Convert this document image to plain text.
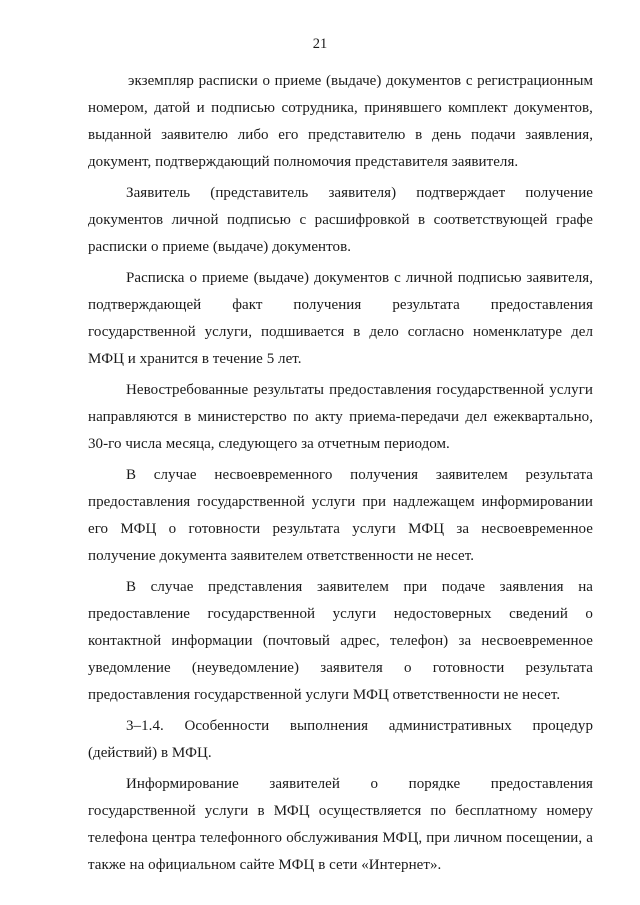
21

экземпляр расписки о приеме (выдаче) документов с регистрационным номером, датой и подписью сотрудника, принявшего комплект документов, выданной заявителю либо его представителю в день подачи заявления, документ, подтверждающий полномочия представителя заявителя.

Заявитель (представитель заявителя) подтверждает получение документов личной подписью с расшифровкой в соответствующей графе расписки о приеме (выдаче) документов.

Расписка о приеме (выдаче) документов с личной подписью заявителя, подтверждающей факт получения результата предоставления государственной услуги, подшивается в дело согласно номенклатуре дел МФЦ и хранится в течение 5 лет.

Невостребованные результаты предоставления государственной услуги направляются в министерство по акту приема-передачи дел ежеквартально, 30-го числа месяца, следующего за отчетным периодом.

В случае несвоевременного получения заявителем результата предоставления государственной услуги при надлежащем информировании его МФЦ о готовности результата услуги МФЦ за несвоевременное получение документа заявителем ответственности не несет.

В случае представления заявителем при подаче заявления на предоставление государственной услуги недостоверных сведений о контактной информации (почтовый адрес, телефон) за несвоевременное уведомление (неуведомление) заявителя о готовности результата предоставления государственной услуги МФЦ ответственности не несет.

3–1.4. Особенности выполнения административных процедур (действий) в МФЦ.

Информирование заявителей о порядке предоставления государственной услуги в МФЦ осуществляется по бесплатному номеру телефона центра телефонного обслуживания МФЦ, при личном посещении, а также на официальном сайте МФЦ в сети «Интернет».
